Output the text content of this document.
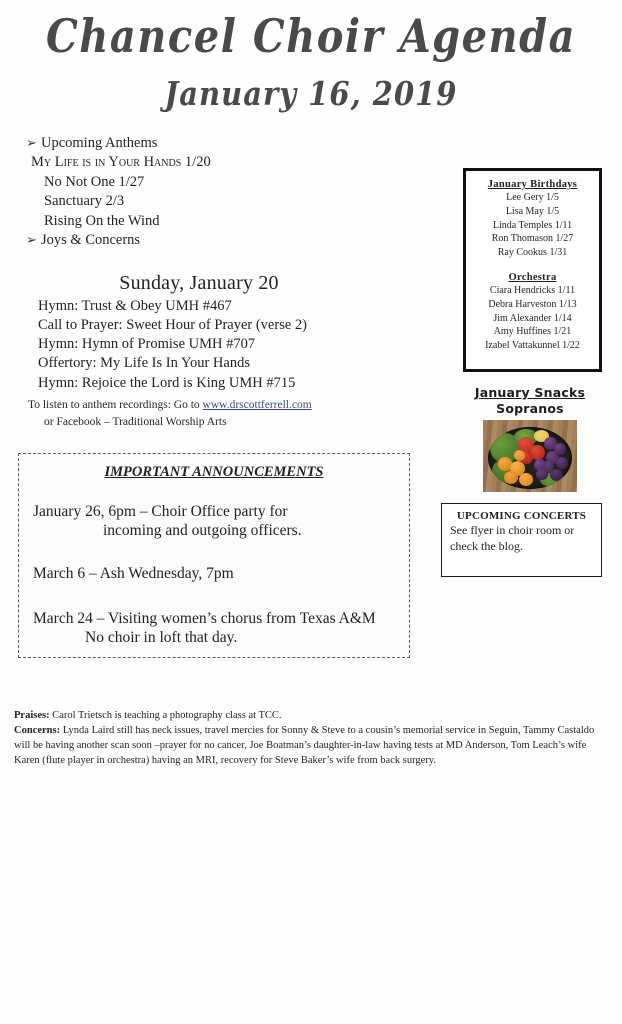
Chancel Choir Agenda
January 16, 2019
➢ Upcoming Anthems
My Life is in Your Hands 1/20
No Not One 1/27
Sanctuary 2/3
Rising On the Wind
➢ Joys & Concerns
Sunday, January 20
Hymn: Trust & Obey UMH #467
Call to Prayer: Sweet Hour of Prayer (verse 2)
Hymn: Hymn of Promise UMH #707
Offertory: My Life Is In Your Hands
Hymn: Rejoice the Lord is King UMH #715
To listen to anthem recordings: Go to www.drscottferrell.com
or Facebook – Traditional Worship Arts
IMPORTANT ANNOUNCEMENTS
January 26, 6pm – Choir Office party for
incoming and outgoing officers.
March 6 – Ash Wednesday, 7pm
March 24 – Visiting women’s chorus from Texas A&M
No choir in loft that day.
January Birthdays
Lee Gery 1/5
Lisa May 1/5
Linda Temples 1/11
Ron Thomason 1/27
Ray Cookus 1/31
Orchestra
Ciara Hendricks 1/11
Debra Harveston 1/13
Jim Alexander 1/14
Amy Huffines 1/21
Izabel Vattakunnel 1/22
January Snacks
Sopranos
UPCOMING CONCERTS
See flyer in choir room or
check the blog.
Praises: Carol Trietsch is teaching a photography class at TCC.
Concerns: Lynda Laird still has neck issues, travel mercies for Sonny & Steve to a cousin’s memorial service in Seguin, Tammy Castaldo will be having another scan soon –prayer for no cancer, Joe Boatman’s daughter-in-law having tests at MD Anderson, Tom Leach’s wife Karen (flute player in orchestra) having an MRI, recovery for Steve Baker’s wife from back surgery.
